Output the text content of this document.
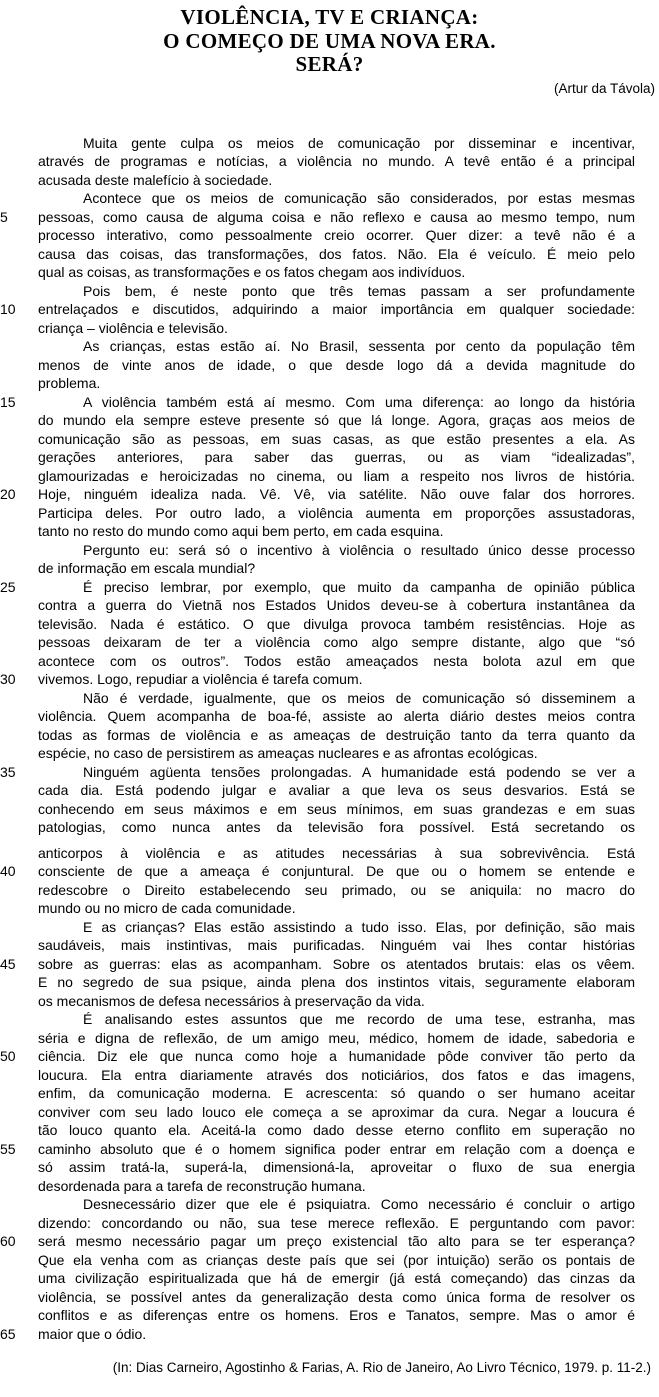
VIOLÊNCIA, TV E CRIANÇA:
O COMEÇO DE UMA NOVA ERA.
SERÁ?
(Artur da Távola)
Muita gente culpa os meios de comunicação por disseminar e incentivar,
através de programas e notícias, a violência no mundo. A tevê então é a principal
acusada deste malefício à sociedade.
Acontece que os meios de comunicação são considerados, por estas mesmas
5	pessoas, como causa de alguma coisa e não reflexo e causa ao mesmo tempo, num
processo interativo, como pessoalmente creio ocorrer. Quer dizer: a tevê não é a
causa das coisas, das transformações, dos fatos. Não. Ela é veículo. É meio pelo
qual as coisas, as transformações e os fatos chegam aos indivíduos.
Pois bem, é neste ponto que três temas passam a ser profundamente
10	entrelaçados e discutidos, adquirindo a maior importância em qualquer sociedade:
criança – violência e televisão.
As crianças, estas estão aí. No Brasil, sessenta por cento da população têm
menos de vinte anos de idade, o que desde logo dá a devida magnitude do
problema.
15	A violência também está aí mesmo. Com uma diferença: ao longo da história
do mundo ela sempre esteve presente só que lá longe. Agora, graças aos meios de
comunicação são as pessoas, em suas casas, as que estão presentes a ela. As
gerações anteriores, para saber das guerras, ou as viam “idealizadas”,
glamourizadas e heroicizadas no cinema, ou liam a respeito nos livros de história.
20	Hoje, ninguém idealiza nada. Vê. Vê, via satélite. Não ouve falar dos horrores.
Participa deles. Por outro lado, a violência aumenta em proporções assustadoras,
tanto no resto do mundo como aqui bem perto, em cada esquina.
Pergunto eu: será só o incentivo à violência o resultado único desse processo
de informação em escala mundial?
25	É preciso lembrar, por exemplo, que muito da campanha de opinião pública
contra a guerra do Vietnã nos Estados Unidos deveu-se à cobertura instantânea da
televisão. Nada é estático. O que divulga provoca também resistências. Hoje as
pessoas deixaram de ter a violência como algo sempre distante, algo que “só
acontece com os outros”. Todos estão ameaçados nesta bolota azul em que
30	vivemos. Logo, repudiar a violência é tarefa comum.
Não é verdade, igualmente, que os meios de comunicação só disseminem a
violência. Quem acompanha de boa-fé, assiste ao alerta diário destes meios contra
todas as formas de violência e as ameaças de destruição tanto da terra quanto da
espécie, no caso de persistirem as ameaças nucleares e as afrontas ecológicas.
35	Ninguém agüenta tensões prolongadas. A humanidade está podendo se ver a
cada dia. Está podendo julgar e avaliar a que leva os seus desvarios. Está se
conhecendo em seus máximos e em seus mínimos, em suas grandezas e em suas
patologias, como nunca antes da televisão fora possível. Está secretando os
anticorpos à violência e as atitudes necessárias à sua sobrevivência. Está
40	consciente de que a ameaça é conjuntural. De que ou o homem se entende e
redescobre o Direito estabelecendo seu primado, ou se aniquila: no macro do
mundo ou no micro de cada comunidade.
E as crianças? Elas estão assistindo a tudo isso. Elas, por definição, são mais
saudáveis, mais instintivas, mais purificadas. Ninguém vai lhes contar histórias
45	sobre as guerras: elas as acompanham. Sobre os atentados brutais: elas os vêem.
E no segredo de sua psique, ainda plena dos instintos vitais, seguramente elaboram
os mecanismos de defesa necessários à preservação da vida.
É analisando estes assuntos que me recordo de uma tese, estranha, mas
séria e digna de reflexão, de um amigo meu, médico, homem de idade, sabedoria e
50	ciência. Diz ele que nunca como hoje a humanidade pôde conviver tão perto da
loucura. Ela entra diariamente através dos noticiários, dos fatos e das imagens,
enfim, da comunicação moderna. E acrescenta: só quando o ser humano aceitar
conviver com seu lado louco ele começa a se aproximar da cura. Negar a loucura é
tão louco quanto ela. Aceitá-la como dado desse eterno conflito em superação no
55	caminho absoluto que é o homem significa poder entrar em relação com a doença e
só assim tratá-la, superá-la, dimensioná-la, aproveitar o fluxo de sua energia
desordenada para a tarefa de reconstrução humana.
Desnecessário dizer que ele é psiquiatra. Como necessário é concluir o artigo
dizendo: concordando ou não, sua tese merece reflexão. E perguntando com pavor:
60	será mesmo necessário pagar um preço existencial tão alto para se ter esperança?
Que ela venha com as crianças deste país que sei (por intuição) serão os pontais de
uma civilização espiritualizada que há de emergir (já está começando) das cinzas da
violência, se possível antes da generalização desta como única forma de resolver os
conflitos e as diferenças entre os homens. Eros e Tanatos, sempre. Mas o amor é
65	maior que o ódio.
(In: Dias Carneiro, Agostinho & Farias, A. Rio de Janeiro, Ao Livro Técnico, 1979. p. 11-2.)
